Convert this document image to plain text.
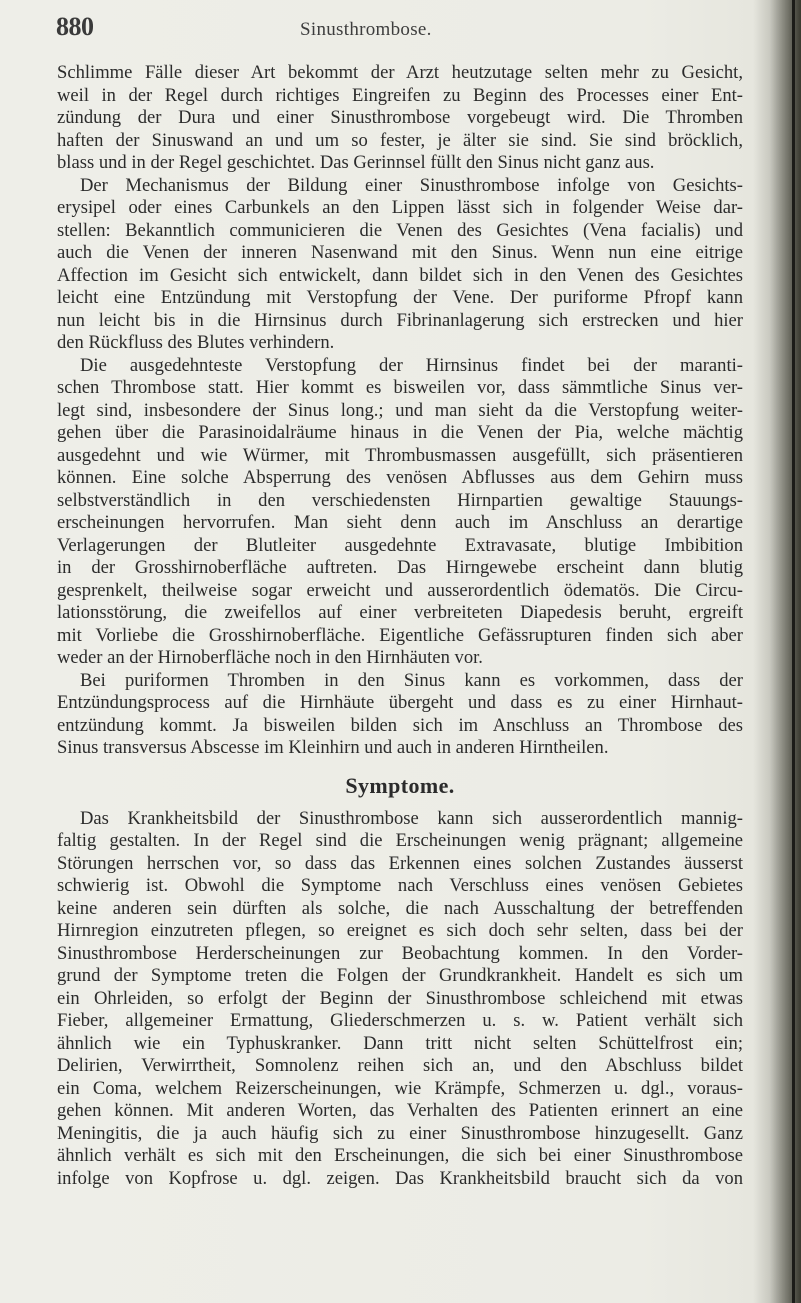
880	Sinusthrombose.
Schlimme Fälle dieser Art bekommt der Arzt heutzutage selten mehr zu Gesicht,
weil in der Regel durch richtiges Eingreifen zu Beginn des Processes einer Ent-
zündung der Dura und einer Sinusthrombose vorgebeugt wird. Die Thromben
haften der Sinuswand an und um so fester, je älter sie sind. Sie sind bröcklich,
blass und in der Regel geschichtet. Das Gerinnsel füllt den Sinus nicht ganz aus.
Der Mechanismus der Bildung einer Sinusthrombose infolge von Gesichts-
erysipel oder eines Carbunkels an den Lippen lässt sich in folgender Weise dar-
stellen: Bekanntlich communicieren die Venen des Gesichtes (Vena facialis) und
auch die Venen der inneren Nasenwand mit den Sinus. Wenn nun eine eitrige
Affection im Gesicht sich entwickelt, dann bildet sich in den Venen des Gesichtes
leicht eine Entzündung mit Verstopfung der Vene. Der puriforme Pfropf kann
nun leicht bis in die Hirnsinus durch Fibrinanlagerung sich erstrecken und hier
den Rückfluss des Blutes verhindern.
Die ausgedehnteste Verstopfung der Hirnsinus findet bei der maranti-
schen Thrombose statt. Hier kommt es bisweilen vor, dass sämmtliche Sinus ver-
legt sind, insbesondere der Sinus long.; und man sieht da die Verstopfung weiter-
gehen über die Parasinoidalräume hinaus in die Venen der Pia, welche mächtig
ausgedehnt und wie Würmer, mit Thrombusmassen ausgefüllt, sich präsentieren
können. Eine solche Absperrung des venösen Abflusses aus dem Gehirn muss
selbstverständlich in den verschiedensten Hirnpartien gewaltige Stauungs-
erscheinungen hervorrufen. Man sieht denn auch im Anschluss an derartige
Verlagerungen der Blutleiter ausgedehnte Extravasate, blutige Imbibition
in der Grosshirnoberfläche auftreten. Das Hirngewebe erscheint dann blutig
gesprenkelt, theilweise sogar erweicht und ausserordentlich ödematös. Die Circu-
lationsstörung, die zweifellos auf einer verbreiteten Diapedesis beruht, ergreift
mit Vorliebe die Grosshirnoberfläche. Eigentliche Gefässrupturen finden sich aber
weder an der Hirnoberfläche noch in den Hirnhäuten vor.
Bei puriformen Thromben in den Sinus kann es vorkommen, dass der
Entzündungsprocess auf die Hirnhäute übergeht und dass es zu einer Hirnhaut-
entzündung kommt. Ja bisweilen bilden sich im Anschluss an Thrombose des
Sinus transversus Abscesse im Kleinhirn und auch in anderen Hirntheilen.
Symptome.
Das Krankheitsbild der Sinusthrombose kann sich ausserordentlich mannig-
faltig gestalten. In der Regel sind die Erscheinungen wenig prägnant; allgemeine
Störungen herrschen vor, so dass das Erkennen eines solchen Zustandes äusserst
schwierig ist. Obwohl die Symptome nach Verschluss eines venösen Gebietes
keine anderen sein dürften als solche, die nach Ausschaltung der betreffenden
Hirnregion einzutreten pflegen, so ereignet es sich doch sehr selten, dass bei der
Sinusthrombose Herderscheinungen zur Beobachtung kommen. In den Vorder-
grund der Symptome treten die Folgen der Grundkrankheit. Handelt es sich um
ein Ohrleiden, so erfolgt der Beginn der Sinusthrombose schleichend mit etwas
Fieber, allgemeiner Ermattung, Gliederschmerzen u. s. w. Patient verhält sich
ähnlich wie ein Typhuskranker. Dann tritt nicht selten Schüttelfrost ein;
Delirien, Verwirrtheit, Somnolenz reihen sich an, und den Abschluss bildet
ein Coma, welchem Reizerscheinungen, wie Krämpfe, Schmerzen u. dgl., voraus-
gehen können. Mit anderen Worten, das Verhalten des Patienten erinnert an eine
Meningitis, die ja auch häufig sich zu einer Sinusthrombose hinzugesellt. Ganz
ähnlich verhält es sich mit den Erscheinungen, die sich bei einer Sinusthrombose
infolge von Kopfrose u. dgl. zeigen. Das Krankheitsbild braucht sich da von
